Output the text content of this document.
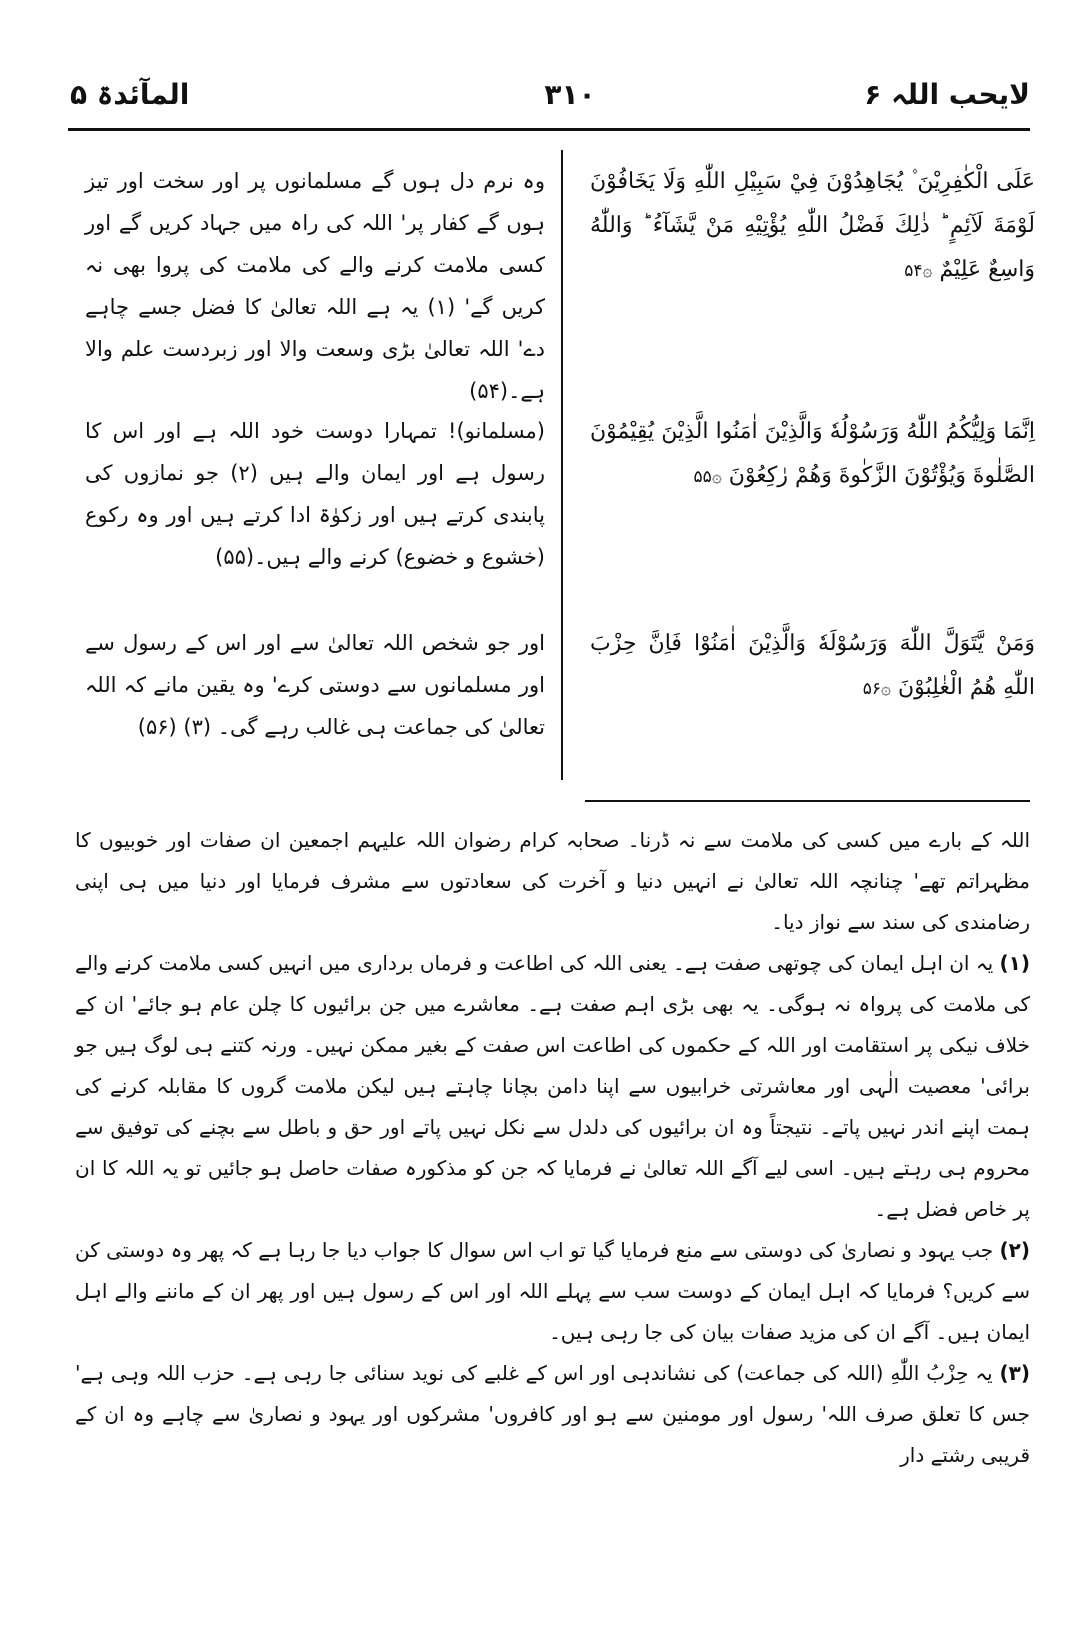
المآئدۃ ۵	۳۱۰	لایحب اللہ ۶
عَلَى الْكٰفِرِيْنَ ۫ يُجَاهِدُوْنَ فِيْ سَبِيْلِ اللّٰهِ وَلَا يَخَافُوْنَ لَوْمَةَ لَآئِمٍ ؕ ذٰلِكَ فَضْلُ اللّٰهِ يُؤْتِيْهِ مَنْ يَّشَآءُ ؕ وَاللّٰهُ وَاسِعٌ عَلِيْمٌ ۞۵۴
اِنَّمَا وَلِيُّكُمُ اللّٰهُ وَرَسُوْلُهٗ وَالَّذِيْنَ اٰمَنُوا الَّذِيْنَ يُقِيْمُوْنَ الصَّلٰوةَ وَيُؤْتُوْنَ الزَّكٰوةَ وَهُمْ رٰكِعُوْنَ ۞۵۵
وَمَنْ يَّتَوَلَّ اللّٰهَ وَرَسُوْلَهٗ وَالَّذِيْنَ اٰمَنُوْا فَاِنَّ حِزْبَ اللّٰهِ هُمُ الْغٰلِبُوْنَ ۞۵۶
وہ نرم دل ہوں گے مسلمانوں پر اور سخت اور تیز ہوں گے کفار پر' اللہ کی راہ میں جہاد کریں گے اور کسی ملامت کرنے والے کی ملامت کی پروا بھی نہ کریں گے' (۱) یہ ہے اللہ تعالیٰ کا فضل جسے چاہے دے' اللہ تعالیٰ بڑی وسعت والا اور زبردست علم والا ہے۔(۵۴)
(مسلمانو)! تمہارا دوست خود اللہ ہے اور اس کا رسول ہے اور ایمان والے ہیں (۲) جو نمازوں کی پابندی کرتے ہیں اور زکوٰۃ ادا کرتے ہیں اور وہ رکوع (خشوع و خضوع) کرنے والے ہیں۔(۵۵)
اور جو شخص اللہ تعالیٰ سے اور اس کے رسول سے اور مسلمانوں سے دوستی کرے' وہ یقین مانے کہ اللہ تعالیٰ کی جماعت ہی غالب رہے گی۔ (۳) (۵۶)

اللہ کے بارے میں کسی کی ملامت سے نہ ڈرنا۔ صحابہ کرام رضوان اللہ علیہم اجمعین ان صفات اور خوبیوں کا مظہراتم تھے' چنانچہ اللہ تعالیٰ نے انہیں دنیا و آخرت کی سعادتوں سے مشرف فرمایا اور دنیا میں ہی اپنی رضامندی کی سند سے نواز دیا۔

(۱) یہ ان اہل ایمان کی چوتھی صفت ہے۔ یعنی اللہ کی اطاعت و فرماں برداری میں انہیں کسی ملامت کرنے والے کی ملامت کی پرواہ نہ ہوگی۔ یہ بھی بڑی اہم صفت ہے۔ معاشرے میں جن برائیوں کا چلن عام ہو جائے' ان کے خلاف نیکی پر استقامت اور اللہ کے حکموں کی اطاعت اس صفت کے بغیر ممکن نہیں۔ ورنہ کتنے ہی لوگ ہیں جو برائی' معصیت الٰہی اور معاشرتی خرابیوں سے اپنا دامن بچانا چاہتے ہیں لیکن ملامت گروں کا مقابلہ کرنے کی ہمت اپنے اندر نہیں پاتے۔ نتیجتاً وہ ان برائیوں کی دلدل سے نکل نہیں پاتے اور حق و باطل سے بچنے کی توفیق سے محروم ہی رہتے ہیں۔ اسی لیے آگے اللہ تعالیٰ نے فرمایا کہ جن کو مذکورہ صفات حاصل ہو جائیں تو یہ اللہ کا ان پر خاص فضل ہے۔

(۲) جب یہود و نصاریٰ کی دوستی سے منع فرمایا گیا تو اب اس سوال کا جواب دیا جا رہا ہے کہ پھر وہ دوستی کن سے کریں؟ فرمایا کہ اہل ایمان کے دوست سب سے پہلے اللہ اور اس کے رسول ہیں اور پھر ان کے ماننے والے اہل ایمان ہیں۔ آگے ان کی مزید صفات بیان کی جا رہی ہیں۔

(۳) یہ حِزْبُ اللّٰهِ (اللہ کی جماعت) کی نشاندہی اور اس کے غلبے کی نوید سنائی جا رہی ہے۔ حزب اللہ وہی ہے' جس کا تعلق صرف اللہ' رسول اور مومنین سے ہو اور کافروں' مشرکوں اور یہود و نصاریٰ سے چاہے وہ ان کے قریبی رشتے دار
